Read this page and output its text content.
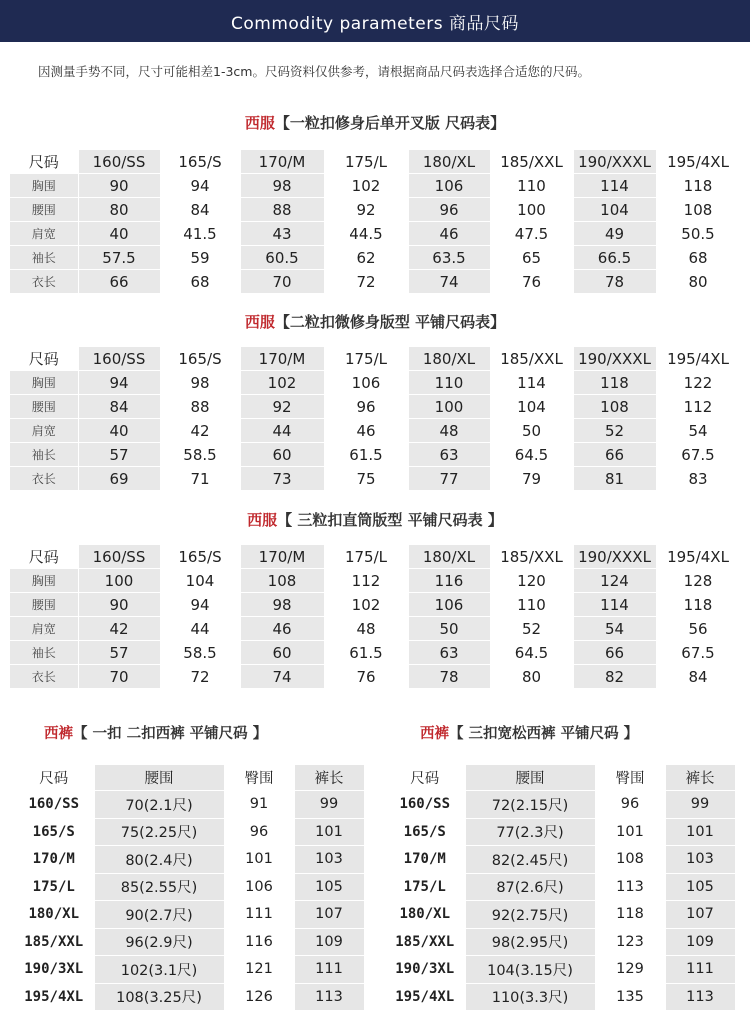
Commodity parameters 商品尺码
因测量手势不同，尺寸可能相差1-3cm。尺码资料仅供参考，请根据商品尺码表选择合适您的尺码。
西服【一粒扣修身后单开叉版 尺码表】
尺码	160/SS	165/S	170/M	175/L	180/XL	185/XXL	190/XXXL	195/4XL
胸围	90	94	98	102	106	110	114	118
腰围	80	84	88	92	96	100	104	108
肩宽	40	41.5	43	44.5	46	47.5	49	50.5
袖长	57.5	59	60.5	62	63.5	65	66.5	68
衣长	66	68	70	72	74	76	78	80
西服【二粒扣微修身版型 平铺尺码表】
尺码	160/SS	165/S	170/M	175/L	180/XL	185/XXL	190/XXXL	195/4XL
胸围	94	98	102	106	110	114	118	122
腰围	84	88	92	96	100	104	108	112
肩宽	40	42	44	46	48	50	52	54
袖长	57	58.5	60	61.5	63	64.5	66	67.5
衣长	69	71	73	75	77	79	81	83
西服【 三粒扣直筒版型 平铺尺码表 】
尺码	160/SS	165/S	170/M	175/L	180/XL	185/XXL	190/XXXL	195/4XL
胸围	100	104	108	112	116	120	124	128
腰围	90	94	98	102	106	110	114	118
肩宽	42	44	46	48	50	52	54	56
袖长	57	58.5	60	61.5	63	64.5	66	67.5
衣长	70	72	74	76	78	80	82	84
西裤【 一扣 二扣西裤 平铺尺码 】
尺码	腰围	臀围	裤长
160/SS	70(2.1尺)	91	99
165/S	75(2.25尺)	96	101
170/M	80(2.4尺)	101	103
175/L	85(2.55尺)	106	105
180/XL	90(2.7尺)	111	107
185/XXL	96(2.9尺)	116	109
190/3XL	102(3.1尺)	121	111
195/4XL	108(3.25尺)	126	113
西裤【 三扣宽松西裤 平铺尺码 】
尺码	腰围	臀围	裤长
160/SS	72(2.15尺)	96	99
165/S	77(2.3尺)	101	101
170/M	82(2.45尺)	108	103
175/L	87(2.6尺)	113	105
180/XL	92(2.75尺)	118	107
185/XXL	98(2.95尺)	123	109
190/3XL	104(3.15尺)	129	111
195/4XL	110(3.3尺)	135	113
